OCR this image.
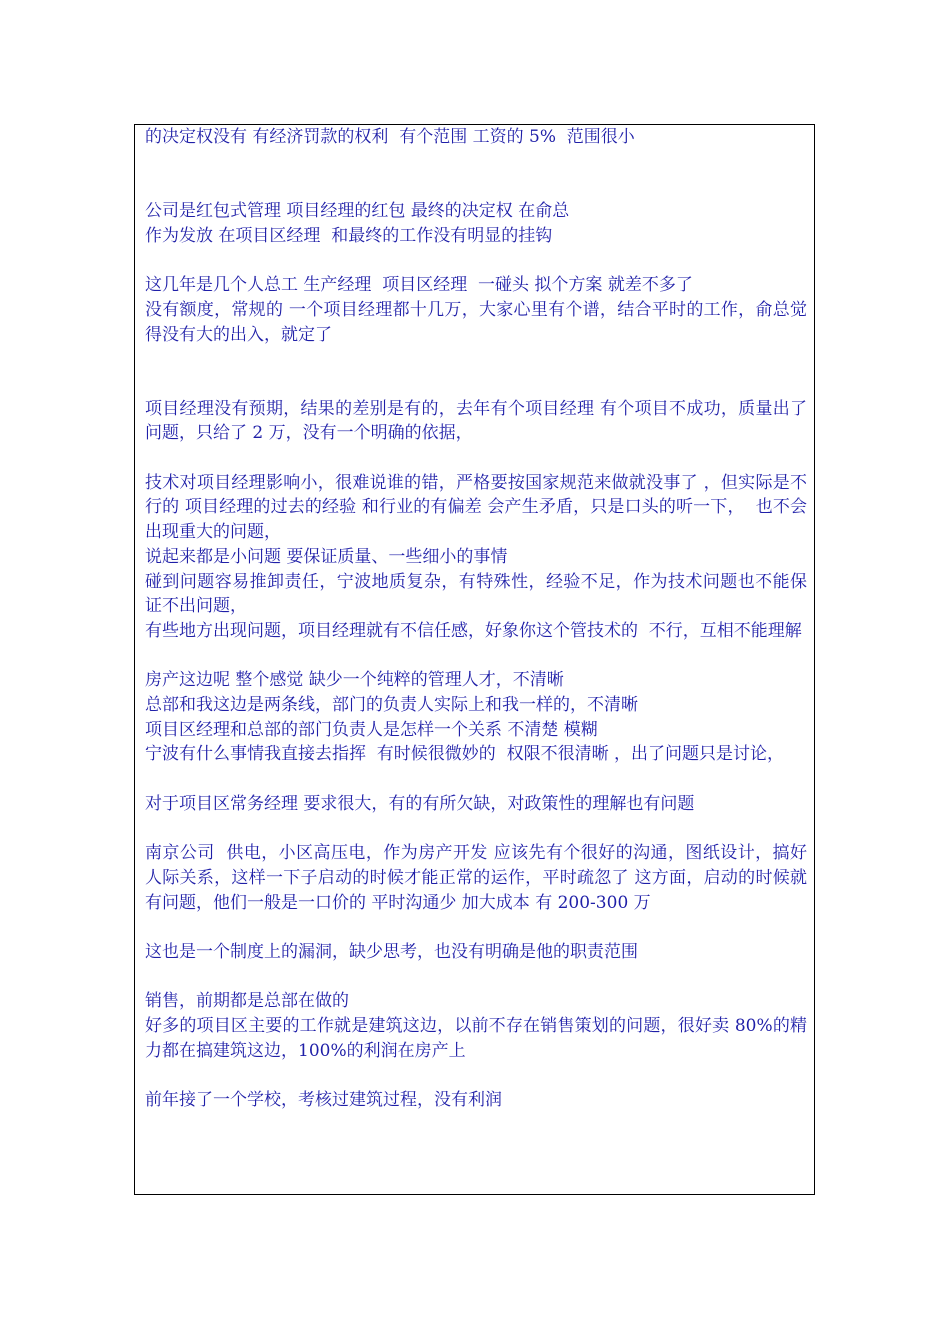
的决定权没有 有经济罚款的权利  有个范围 工资的 5%  范围很小
公司是红包式管理 项目经理的红包 最终的决定权 在俞总
作为发放 在项目区经理  和最终的工作没有明显的挂钩
这几年是几个人总工 生产经理  项目区经理  一碰头 拟个方案 就差不多了
没有额度，常规的 一个项目经理都十几万，大家心里有个谱，结合平时的工作，俞总觉得没有大的出入，就定了
项目经理没有预期，结果的差别是有的，去年有个项目经理 有个项目不成功，质量出了问题，只给了 2 万，没有一个明确的依据，
技术对项目经理影响小，很难说谁的错，严格要按国家规范来做就没事了 ，但实际是不行的 项目经理的过去的经验 和行业的有偏差 会产生矛盾，只是口头的听一下，  也不会出现重大的问题，
说起来都是小问题 要保证质量、一些细小的事情
碰到问题容易推卸责任，宁波地质复杂，有特殊性，经验不足，作为技术问题也不能保证不出问题，
有些地方出现问题，项目经理就有不信任感，好象你这个管技术的  不行，互相不能理解
房产这边呢 整个感觉 缺少一个纯粹的管理人才，不清晰
总部和我这边是两条线，部门的负责人实际上和我一样的，不清晰
项目区经理和总部的部门负责人是怎样一个关系 不清楚 模糊
宁波有什么事情我直接去指挥  有时候很微妙的  权限不很清晰 ，出了问题只是讨论，
对于项目区常务经理 要求很大，有的有所欠缺，对政策性的理解也有问题
南京公司  供电，小区高压电，作为房产开发 应该先有个很好的沟通，图纸设计，搞好人际关系，这样一下子启动的时候才能正常的运作，平时疏忽了 这方面，启动的时候就有问题，他们一般是一口价的 平时沟通少 加大成本 有 200-300 万
这也是一个制度上的漏洞，缺少思考，也没有明确是他的职责范围
销售，前期都是总部在做的
好多的项目区主要的工作就是建筑这边，以前不存在销售策划的问题，很好卖 80%的精力都在搞建筑这边，100%的利润在房产上
前年接了一个学校，考核过建筑过程，没有利润
